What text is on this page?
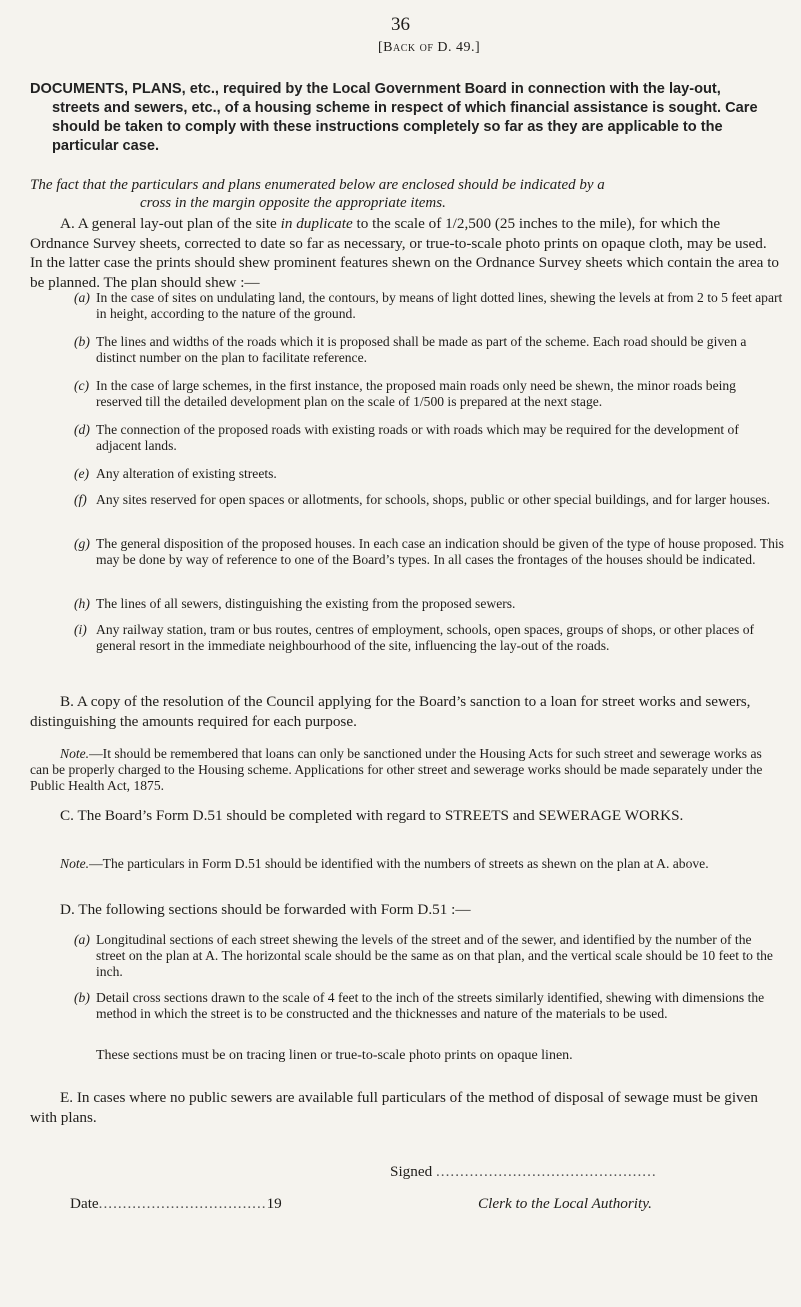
36
[Back of D. 49.]
DOCUMENTS, PLANS, etc., required by the Local Government Board in connection with the lay-out,
streets and sewers, etc., of a housing scheme in respect of which financial assistance is sought. Care should be taken to comply with these instructions completely so far as they are applicable to the particular case.
The fact that the particulars and plans enumerated below are enclosed should be indicated by a
cross in the margin opposite the appropriate items.
A. A general lay-out plan of the site in duplicate to the scale of 1/2,500 (25 inches to the mile), for which the Ordnance Survey sheets, corrected to date so far as necessary, or true-to-scale photo prints on opaque cloth, may be used. In the latter case the prints should shew prominent features shewn on the Ordnance Survey sheets which contain the area to be planned. The plan should shew :—
(a) In the case of sites on undulating land, the contours, by means of light dotted lines, shewing the levels at from 2 to 5 feet apart in height, according to the nature of the ground.
(b) The lines and widths of the roads which it is proposed shall be made as part of the scheme. Each road should be given a distinct number on the plan to facilitate reference.
(c) In the case of large schemes, in the first instance, the proposed main roads only need be shewn, the minor roads being reserved till the detailed development plan on the scale of 1/500 is prepared at the next stage.
(d) The connection of the proposed roads with existing roads or with roads which may be required for the development of adjacent lands.
(e) Any alteration of existing streets.
(f) Any sites reserved for open spaces or allotments, for schools, shops, public or other special buildings, and for larger houses.
(g) The general disposition of the proposed houses. In each case an indication should be given of the type of house proposed. This may be done by way of reference to one of the Board’s types. In all cases the frontages of the houses should be indicated.
(h) The lines of all sewers, distinguishing the existing from the proposed sewers.
(i) Any railway station, tram or bus routes, centres of employment, schools, open spaces, groups of shops, or other places of general resort in the immediate neighbourhood of the site, influencing the lay-out of the roads.
B. A copy of the resolution of the Council applying for the Board’s sanction to a loan for street works and sewers, distinguishing the amounts required for each purpose.
Note.—It should be remembered that loans can only be sanctioned under the Housing Acts for such street and sewerage works as can be properly charged to the Housing scheme. Applications for other street and sewerage works should be made separately under the Public Health Act, 1875.
C. The Board’s Form D.51 should be completed with regard to STREETS and SEWERAGE WORKS.
Note.—The particulars in Form D.51 should be identified with the numbers of streets as shewn on the plan at A. above.
D. The following sections should be forwarded with Form D.51 :—
(a) Longitudinal sections of each street shewing the levels of the street and of the sewer, and identified by the number of the street on the plan at A. The horizontal scale should be the same as on that plan, and the vertical scale should be 10 feet to the inch.
(b) Detail cross sections drawn to the scale of 4 feet to the inch of the streets similarly identified, shewing with dimensions the method in which the street is to be constructed and the thicknesses and nature of the materials to be used.
These sections must be on tracing linen or true-to-scale photo prints on opaque linen.
E. In cases where no public sewers are available full particulars of the method of disposal of sewage must be given with plans.
Signed ..............................................
Date...................................19	Clerk to the Local Authority.
